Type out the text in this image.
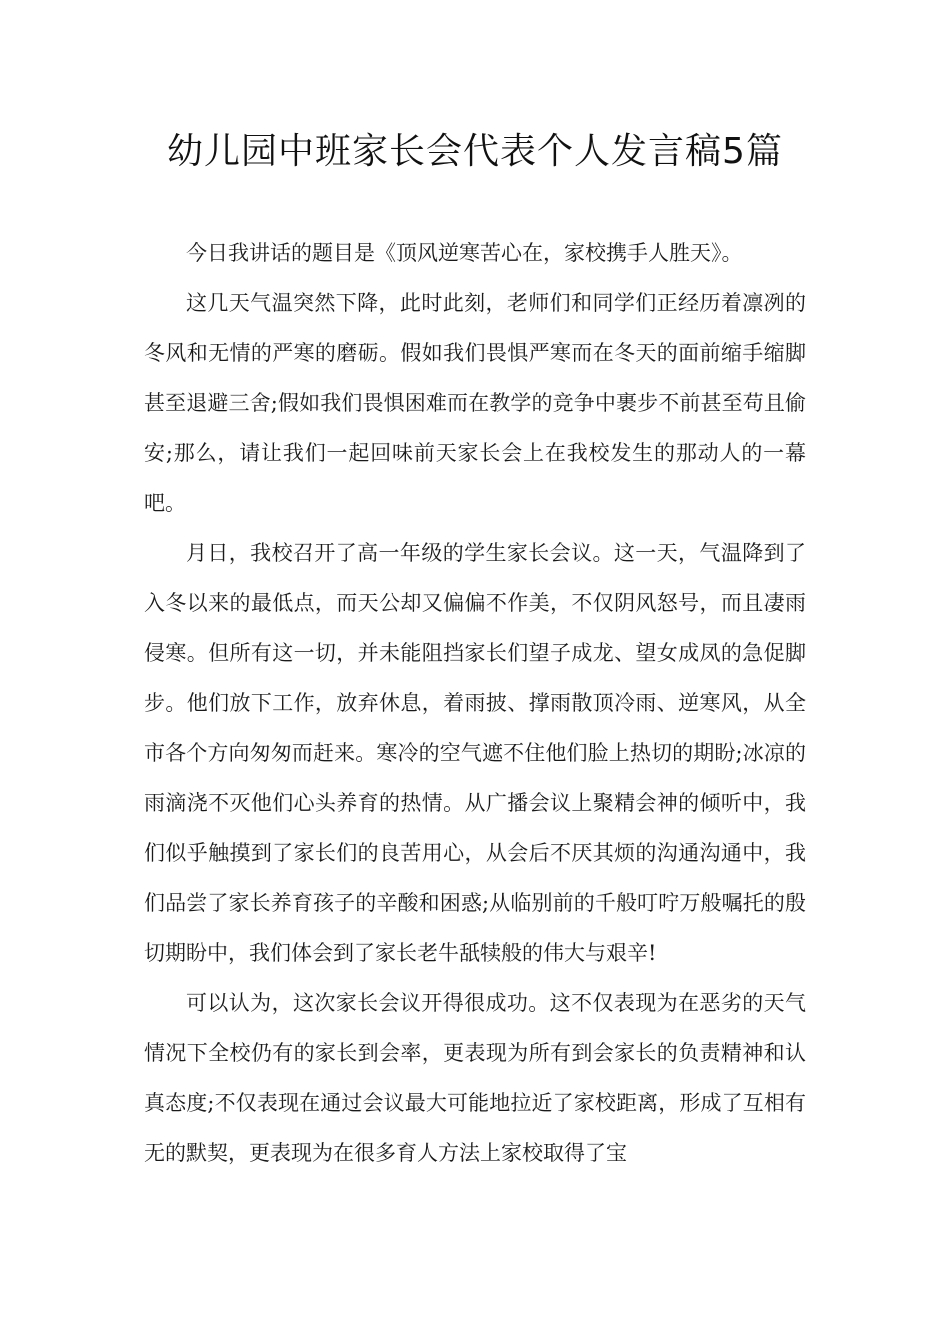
幼儿园中班家长会代表个人发言稿5篇

今日我讲话的题目是《顶风逆寒苦心在，家校携手人胜天》。

这几天气温突然下降，此时此刻，老师们和同学们正经历着凛冽的冬风和无情的严寒的磨砺。假如我们畏惧严寒而在冬天的面前缩手缩脚甚至退避三舍;假如我们畏惧困难而在教学的竞争中裹步不前甚至苟且偷安;那么，请让我们一起回味前天家长会上在我校发生的那动人的一幕吧。

月日，我校召开了高一年级的学生家长会议。这一天，气温降到了入冬以来的最低点，而天公却又偏偏不作美，不仅阴风怒号，而且凄雨侵寒。但所有这一切，并未能阻挡家长们望子成龙、望女成凤的急促脚步。他们放下工作，放弃休息，着雨披、撑雨散顶冷雨、逆寒风，从全市各个方向匆匆而赶来。寒冷的空气遮不住他们脸上热切的期盼;冰凉的雨滴浇不灭他们心头养育的热情。从广播会议上聚精会神的倾听中，我们似乎触摸到了家长们的良苦用心，从会后不厌其烦的沟通沟通中，我们品尝了家长养育孩子的辛酸和困惑;从临别前的千般叮咛万般嘱托的殷切期盼中，我们体会到了家长老牛舐犊般的伟大与艰辛!

可以认为，这次家长会议开得很成功。这不仅表现为在恶劣的天气情况下全校仍有的家长到会率，更表现为所有到会家长的负责精神和认真态度;不仅表现在通过会议最大可能地拉近了家校距离，形成了互相有无的默契，更表现为在很多育人方法上家校取得了宝
